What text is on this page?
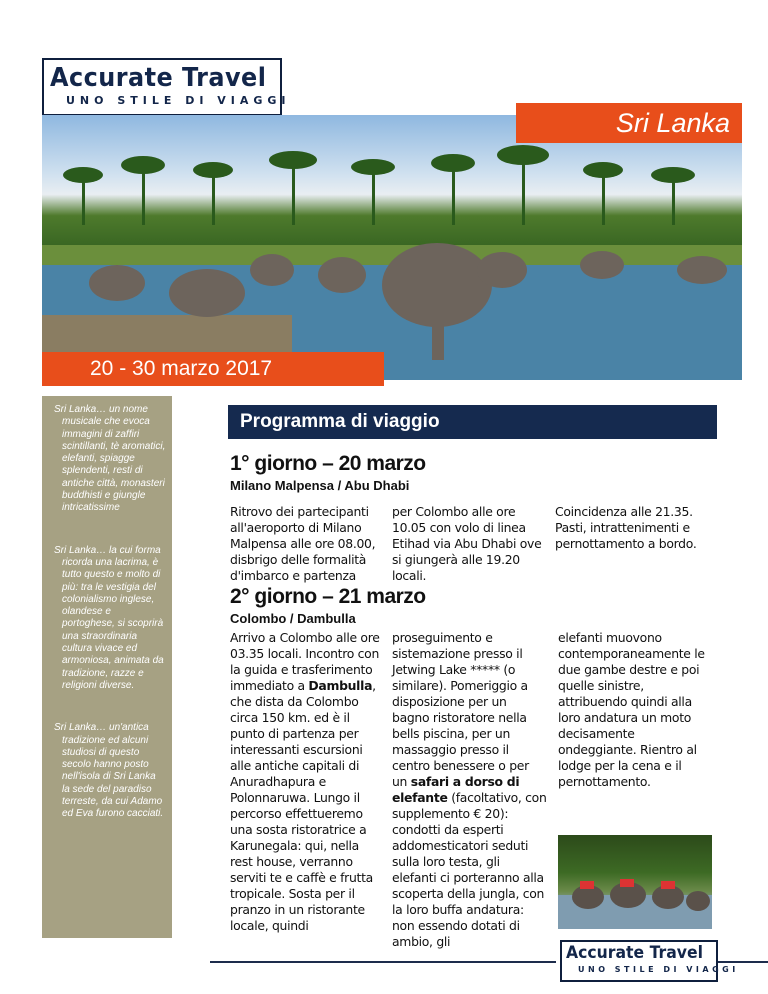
Accurate Travel
UNO STILE DI VIAGGI
Sri Lanka
20 - 30 marzo 2017

Sri Lanka… un nome musicale che evoca immagini di zaffiri scintillanti, tè aromatici, elefanti, spiagge splendenti, resti di antiche città, monasteri buddhisti e giungle intricatissime

Sri Lanka… la cui forma ricorda una lacrima, è tutto questo e molto di più: tra le vestigia del colonialismo inglese, olandese e portoghese, si scoprirà una straordinaria cultura vivace ed armoniosa, animata da tradizione, razze e religioni diverse.

Sri Lanka… un'antica tradizione ed alcuni studiosi di questo secolo hanno posto nell'isola di Sri Lanka la sede del paradiso terreste, da cui Adamo ed Eva furono cacciati.

Programma di viaggio
1° giorno – 20 marzo
Milano Malpensa / Abu Dhabi
Ritrovo dei partecipanti all'aeroporto di Milano Malpensa alle ore 08.00, disbrigo delle formalità d'imbarco e partenza
per Colombo alle ore 10.05 con volo di linea Etihad via Abu Dhabi ove si giungerà alle 19.20 locali.
Coincidenza alle 21.35. Pasti, intrattenimenti e pernottamento a bordo.
2° giorno – 21 marzo
Colombo / Dambulla
Arrivo a Colombo alle ore 03.35 locali. Incontro con la guida e trasferimento immediato a Dambulla, che dista da Colombo circa 150 km. ed è il punto di partenza per interessanti escursioni alle antiche capitali di Anuradhapura e Polonnaruwa. Lungo il percorso effettueremo una sosta ristoratrice a Karunegala: qui, nella rest house, verranno serviti te e caffè e frutta tropicale. Sosta per il pranzo in un ristorante locale, quindi
proseguimento e sistemazione presso il Jetwing Lake ***** (o similare). Pomeriggio a disposizione per un bagno ristoratore nella bells piscina, per un massaggio presso il centro benessere o per un safari a dorso di elefante (facoltativo, con supplemento € 20): condotti da esperti addomesticatori seduti sulla loro testa, gli elefanti ci porteranno alla scoperta della jungla, con la loro buffa andatura: non essendo dotati di ambio, gli
elefanti muovono contemporaneamente le due gambe destre e poi quelle sinistre, attribuendo quindi alla loro andatura un moto decisamente ondeggiante. Rientro al lodge per la cena e il pernottamento.
Accurate Travel
UNO STILE DI VIAGGI
